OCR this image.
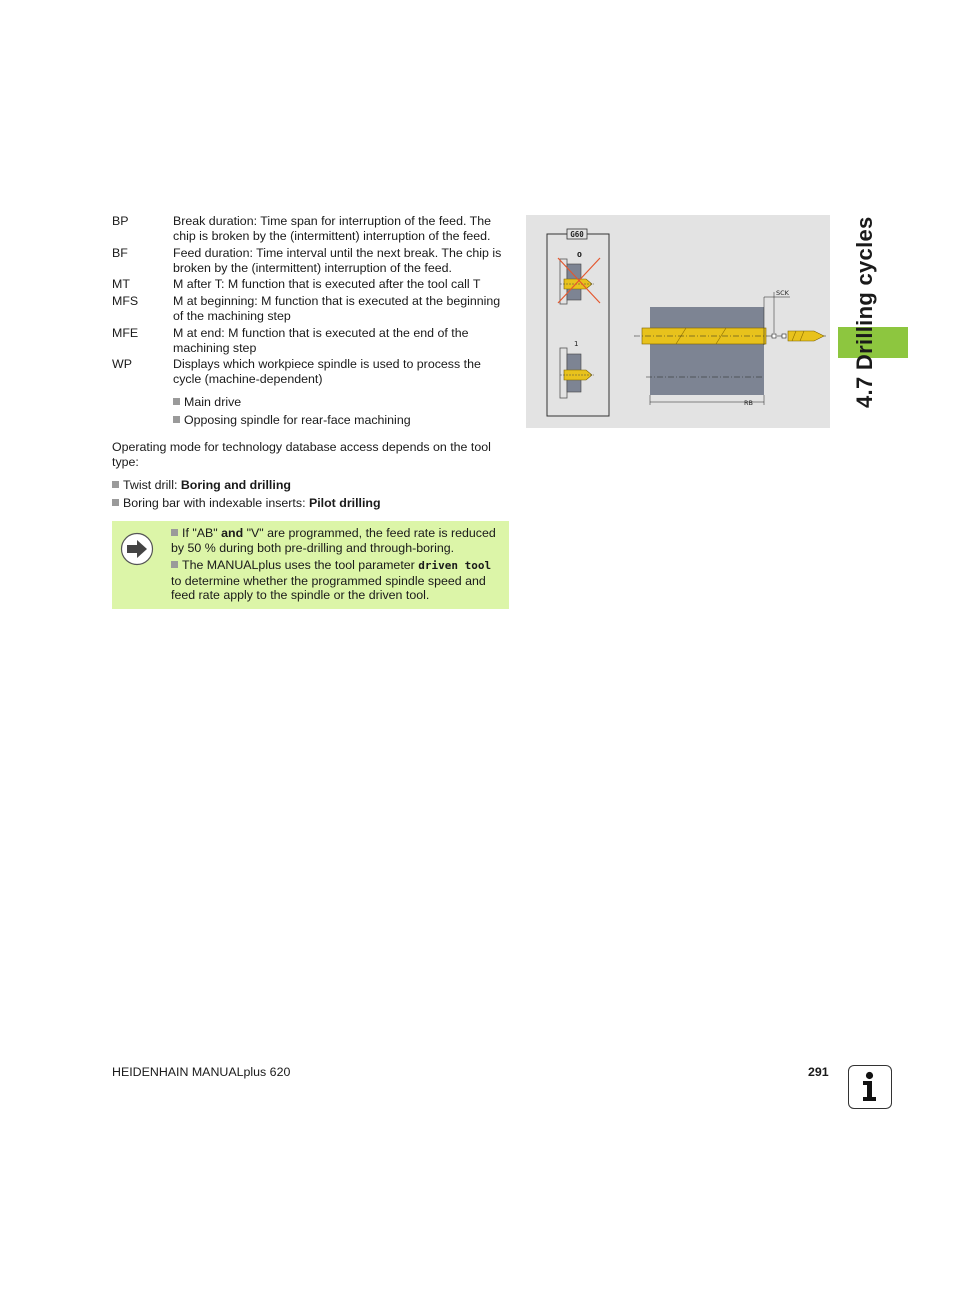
BP	Break duration: Time span for interruption of the feed. The chip is broken by the (intermittent) interruption of the feed.
BF	Feed duration: Time interval until the next break. The chip is broken by the (intermittent) interruption of the feed.
MT	M after T: M function that is executed after the tool call T
MFS	M at beginning: M function that is executed at the beginning of the machining step
MFE	M at end: M function that is executed at the end of the machining step
WP	Displays which workpiece spindle is used to process the cycle (machine-dependent)
Main drive
Opposing spindle for rear-face machining
Operating mode for technology database access depends on the tool type:
Twist drill: Boring and drilling
Boring bar with indexable inserts: Pilot drilling
If "AB" and "V" are programmed, the feed rate is reduced by 50 % during both pre-drilling and through-boring.
The MANUALplus uses the tool parameter driven tool to determine whether the programmed spindle speed and feed rate apply to the spindle or the driven tool.
G60
0
1
SCK
RB	4.7 Drilling cycles
HEIDENHAIN MANUALplus 620	291
